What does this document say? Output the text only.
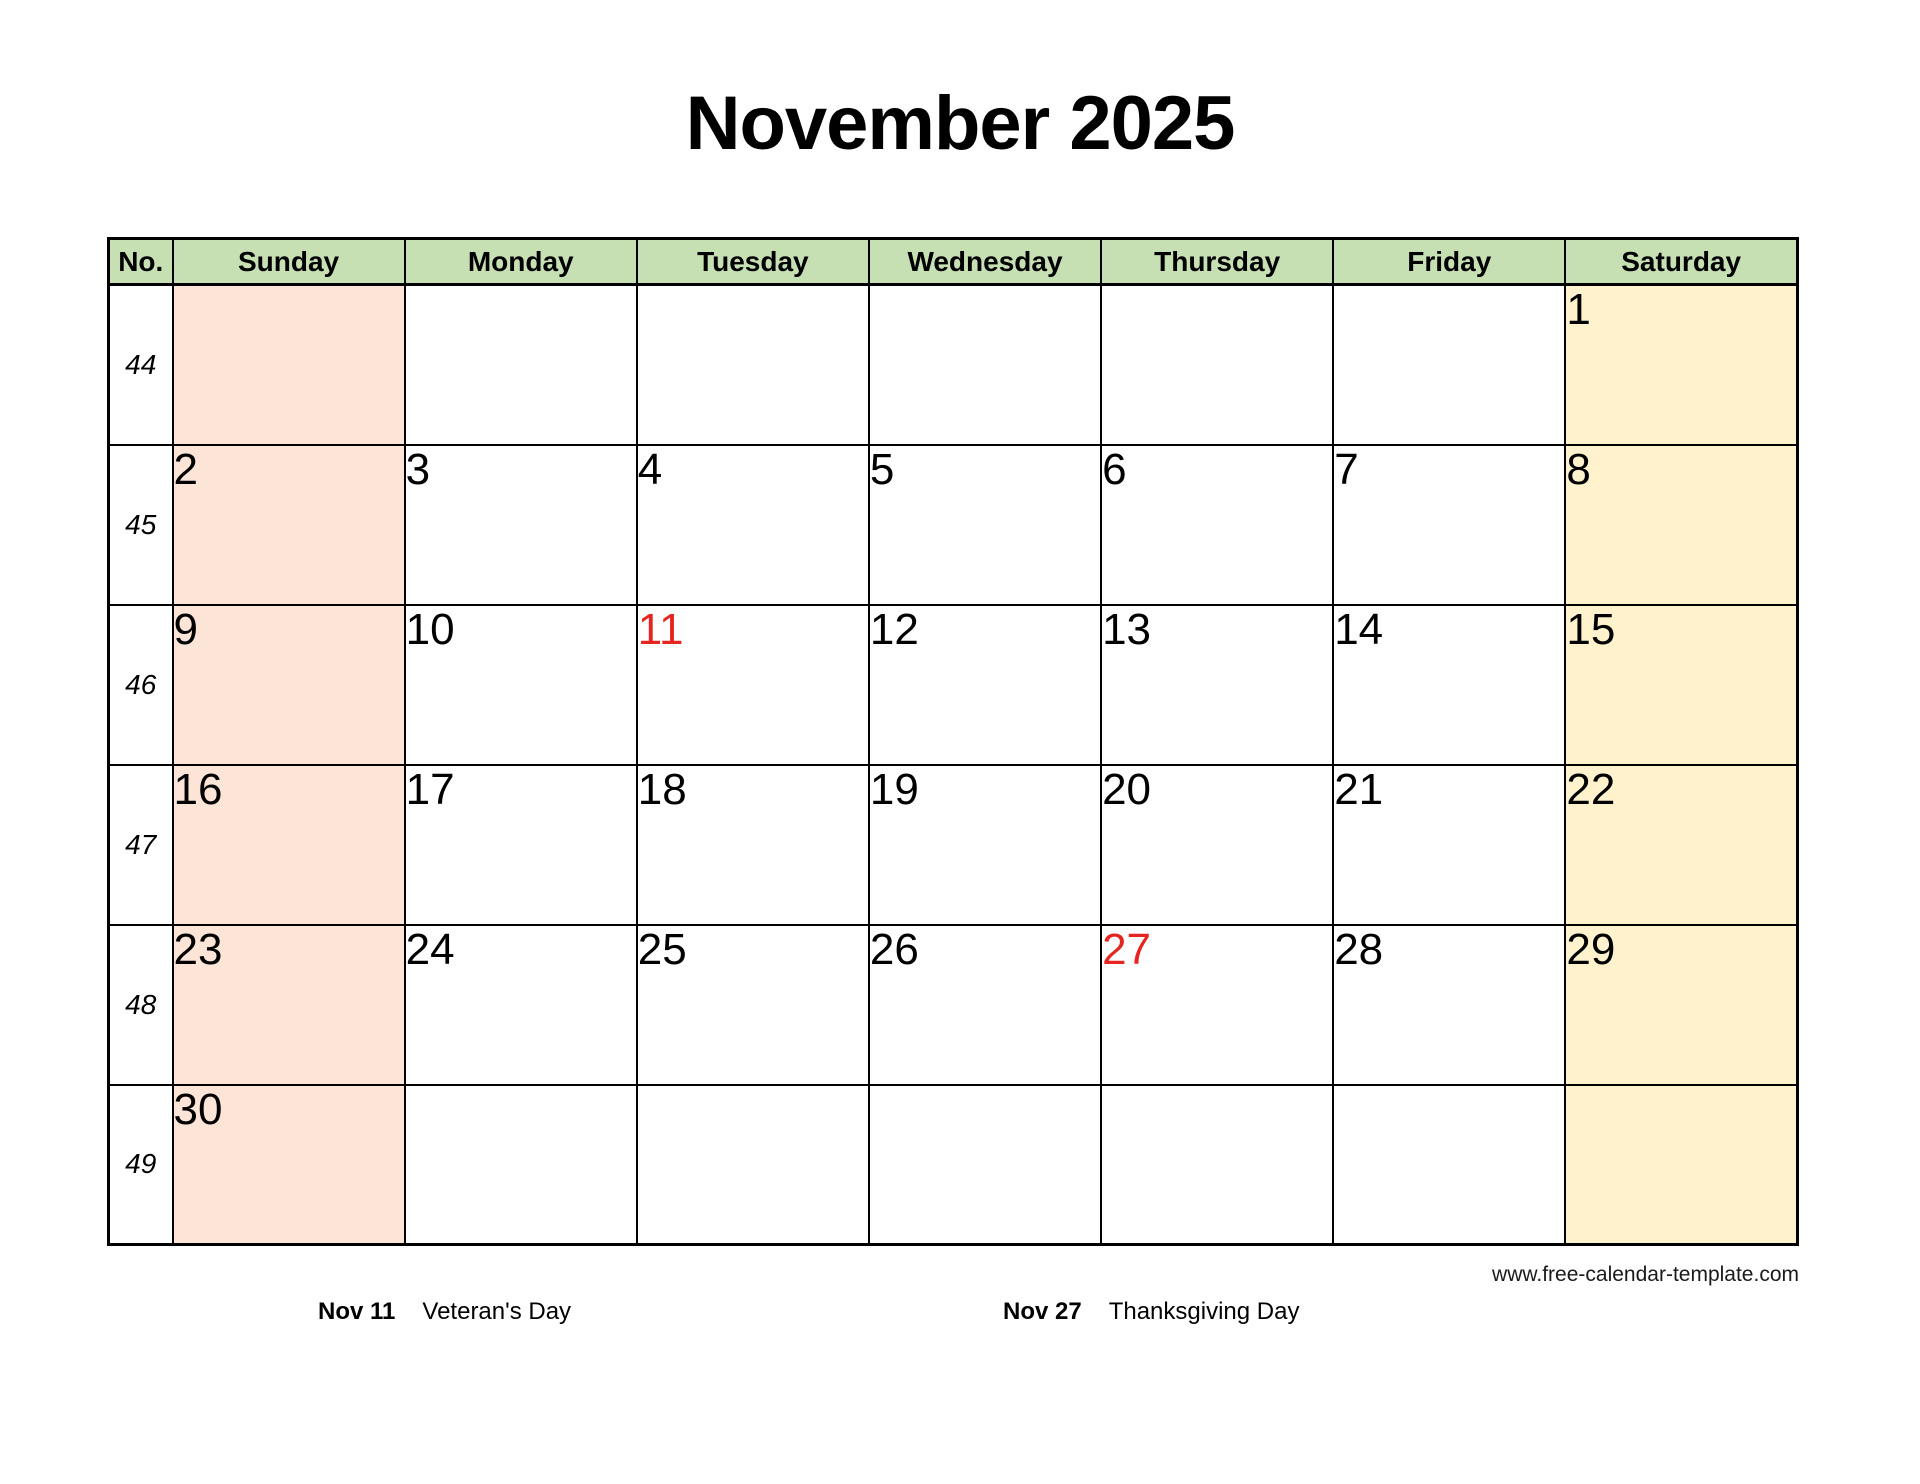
November 2025
No.	Sunday	Monday	Tuesday	Wednesday	Thursday	Friday	Saturday
44							1
45	2	3	4	5	6	7	8
46	9	10	11	12	13	14	15
47	16	17	18	19	20	21	22
48	23	24	25	26	27	28	29
49	30						
Nov 11 Veteran's Day	Nov 27 Thanksgiving Day
www.free-calendar-template.com
